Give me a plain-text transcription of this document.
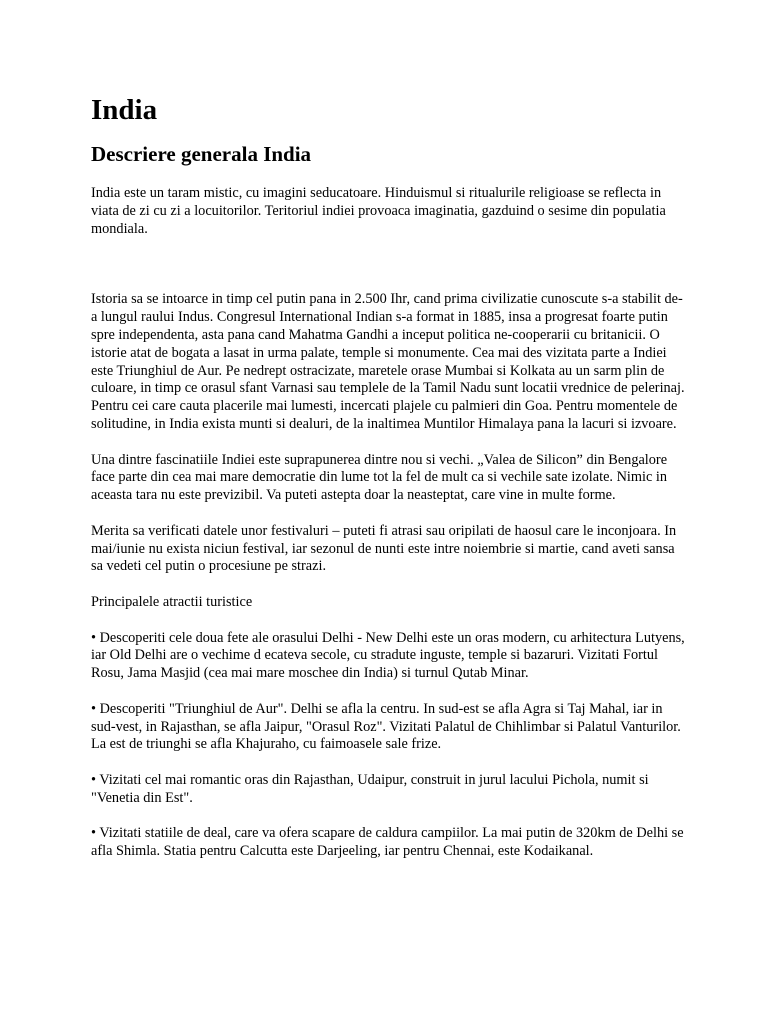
India
Descriere generala India

India este un taram mistic, cu imagini seducatoare. Hinduismul si ritualurile religioase se reflecta in viata de zi cu zi a locuitorilor. Teritoriul indiei provoaca imaginatia, gazduind o sesime din populatia mondiala.

Istoria sa se intoarce in timp cel putin pana in 2.500 Ihr, cand prima civilizatie cunoscute s-a stabilit de-a lungul raului Indus. Congresul International Indian s-a format in 1885, insa a progresat foarte putin spre independenta, asta pana cand Mahatma Gandhi a inceput politica ne-cooperarii cu britanicii. O istorie atat de bogata a lasat in urma palate, temple si monumente. Cea mai des vizitata parte a Indiei este Triunghiul de Aur. Pe nedrept ostracizate, maretele orase Mumbai si Kolkata au un sarm plin de culoare, in timp ce orasul sfant Varnasi sau templele de la Tamil Nadu sunt locatii vrednice de pelerinaj. Pentru cei care cauta placerile mai lumesti, incercati plajele cu palmieri din Goa. Pentru momentele de solitudine, in India exista munti si dealuri, de la inaltimea Muntilor Himalaya pana la lacuri si izvoare.

Una dintre fascinatiile Indiei este suprapunerea dintre nou si vechi. „Valea de Silicon” din Bengalore face parte din cea mai mare democratie din lume tot la fel de mult ca si vechile sate izolate. Nimic in aceasta tara nu este previzibil. Va puteti astepta doar la neasteptat, care vine in multe forme.

Merita sa verificati datele unor festivaluri – puteti fi atrasi sau oripilati de haosul care le inconjoara. In mai/iunie nu exista niciun festival, iar sezonul de nunti este intre noiembrie si martie, cand aveti sansa sa vedeti cel putin o procesiune pe strazi.

Principalele atractii turistice

• Descoperiti cele doua fete ale orasului Delhi - New Delhi este un oras modern, cu arhitectura Lutyens, iar Old Delhi are o vechime d ecateva secole, cu stradute inguste, temple si bazaruri. Vizitati Fortul Rosu, Jama Masjid (cea mai mare moschee din India) si turnul Qutab Minar.

• Descoperiti "Triunghiul de Aur". Delhi se afla la centru. In sud-est se afla Agra si Taj Mahal, iar in sud-vest, in Rajasthan, se afla Jaipur, "Orasul Roz". Vizitati Palatul de Chihlimbar si Palatul Vanturilor. La est de triunghi se afla Khajuraho, cu faimoasele sale frize.

• Vizitati cel mai romantic oras din Rajasthan, Udaipur, construit in jurul lacului Pichola, numit si "Venetia din Est".

• Vizitati statiile de deal, care va ofera scapare de caldura campiilor. La mai putin de 320km de Delhi se afla Shimla. Statia pentru Calcutta este Darjeeling, iar pentru Chennai, este Kodaikanal.
